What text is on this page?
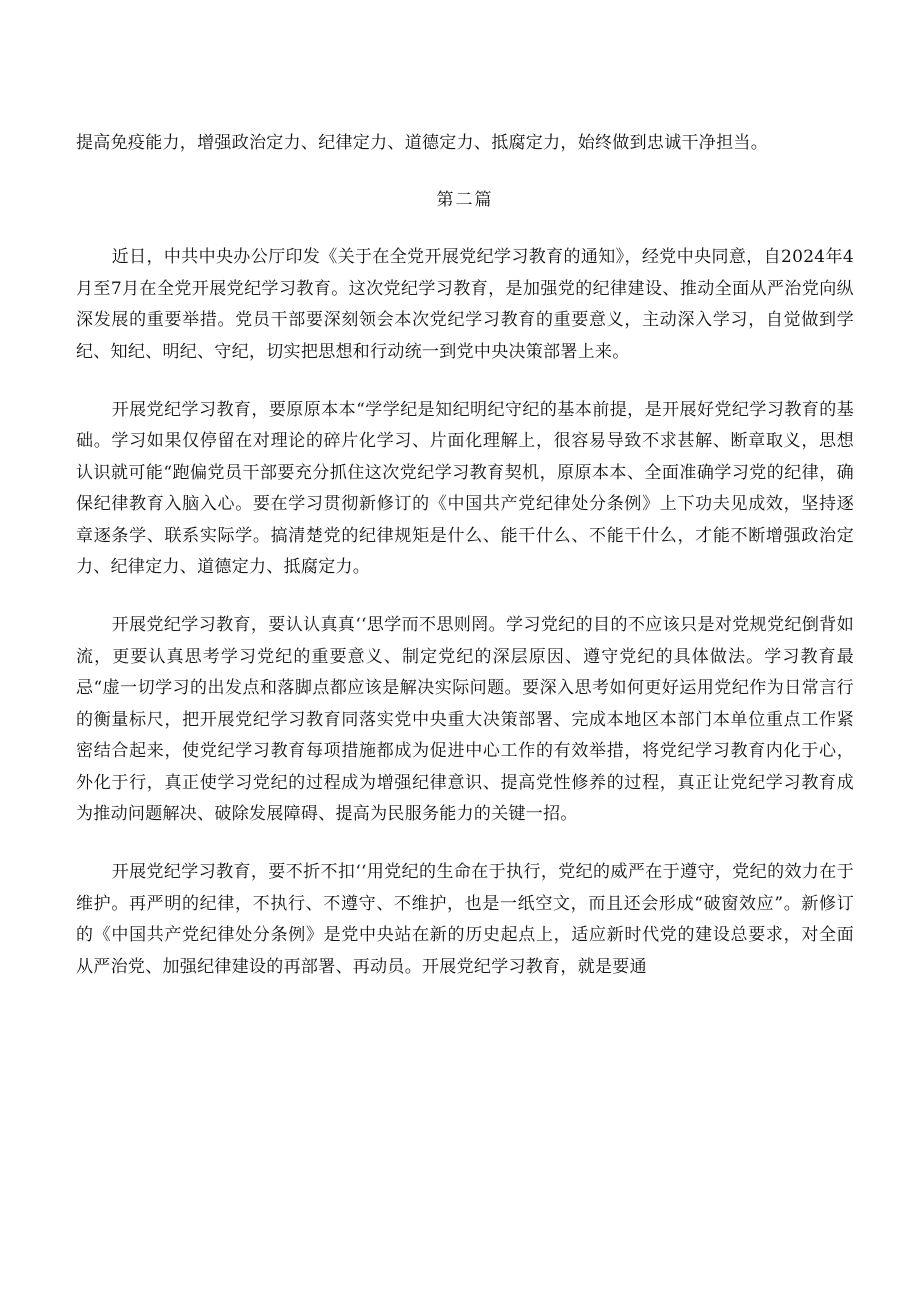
提高免疫能力，增强政治定力、纪律定力、道德定力、抵腐定力，始终做到忠诚干净担当。

第二篇

近日，中共中央办公厅印发《关于在全党开展党纪学习教育的通知》，经党中央同意，自2024年4月至7月在全党开展党纪学习教育。这次党纪学习教育，是加强党的纪律建设、推动全面从严治党向纵深发展的重要举措。党员干部要深刻领会本次党纪学习教育的重要意义，主动深入学习，自觉做到学纪、知纪、明纪、守纪，切实把思想和行动统一到党中央决策部署上来。

开展党纪学习教育，要原原本本“学学纪是知纪明纪守纪的基本前提，是开展好党纪学习教育的基础。学习如果仅停留在对理论的碎片化学习、片面化理解上，很容易导致不求甚解、断章取义，思想认识就可能“跑偏党员干部要充分抓住这次党纪学习教育契机，原原本本、全面准确学习党的纪律，确保纪律教育入脑入心。要在学习贯彻新修订的《中国共产党纪律处分条例》上下功夫见成效，坚持逐章逐条学、联系实际学。搞清楚党的纪律规矩是什么、能干什么、不能干什么，才能不断增强政治定力、纪律定力、道德定力、抵腐定力。

开展党纪学习教育，要认认真真‘‘思学而不思则罔。学习党纪的目的不应该只是对党规党纪倒背如流，更要认真思考学习党纪的重要意义、制定党纪的深层原因、遵守党纪的具体做法。学习教育最忌“虚一切学习的出发点和落脚点都应该是解决实际问题。要深入思考如何更好运用党纪作为日常言行的衡量标尺，把开展党纪学习教育同落实党中央重大决策部署、完成本地区本部门本单位重点工作紧密结合起来，使党纪学习教育每项措施都成为促进中心工作的有效举措，将党纪学习教育内化于心，外化于行，真正使学习党纪的过程成为增强纪律意识、提高党性修养的过程，真正让党纪学习教育成为推动问题解决、破除发展障碍、提高为民服务能力的关键一招。

开展党纪学习教育，要不折不扣‘‘用党纪的生命在于执行，党纪的威严在于遵守，党纪的效力在于维护。再严明的纪律，不执行、不遵守、不维护，也是一纸空文，而且还会形成“破窗效应”。新修订的《中国共产党纪律处分条例》是党中央站在新的历史起点上，适应新时代党的建设总要求，对全面从严治党、加强纪律建设的再部署、再动员。开展党纪学习教育，就是要通
